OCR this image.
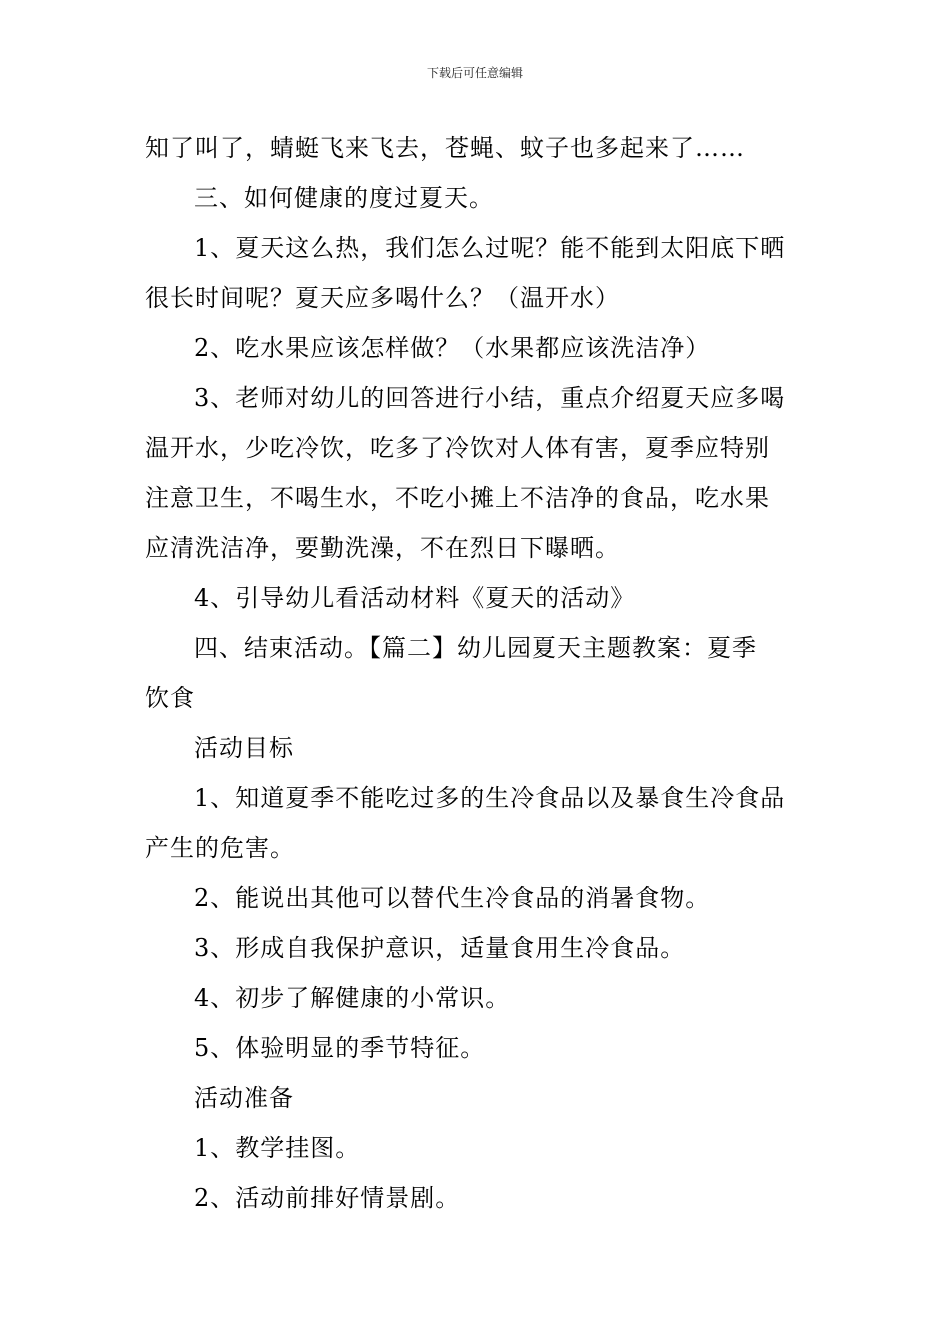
下载后可任意编辑
知了叫了，蜻蜓飞来飞去，苍蝇、蚊子也多起来了……
三、如何健康的度过夏天。
1、夏天这么热，我们怎么过呢？能不能到太阳底下晒
很长时间呢？夏天应多喝什么？（温开水）
2、吃水果应该怎样做？（水果都应该洗洁净）
3、老师对幼儿的回答进行小结，重点介绍夏天应多喝
温开水，少吃冷饮，吃多了冷饮对人体有害，夏季应特别
注意卫生，不喝生水，不吃小摊上不洁净的食品，吃水果
应清洗洁净，要勤洗澡，不在烈日下曝晒。
4、引导幼儿看活动材料《夏天的活动》
四、结束活动。【篇二】幼儿园夏天主题教案：夏季
饮食
活动目标
1、知道夏季不能吃过多的生冷食品以及暴食生冷食品
产生的危害。
2、能说出其他可以替代生冷食品的消暑食物。
3、形成自我保护意识，适量食用生冷食品。
4、初步了解健康的小常识。
5、体验明显的季节特征。
活动准备
1、教学挂图。
2、活动前排好情景剧。
